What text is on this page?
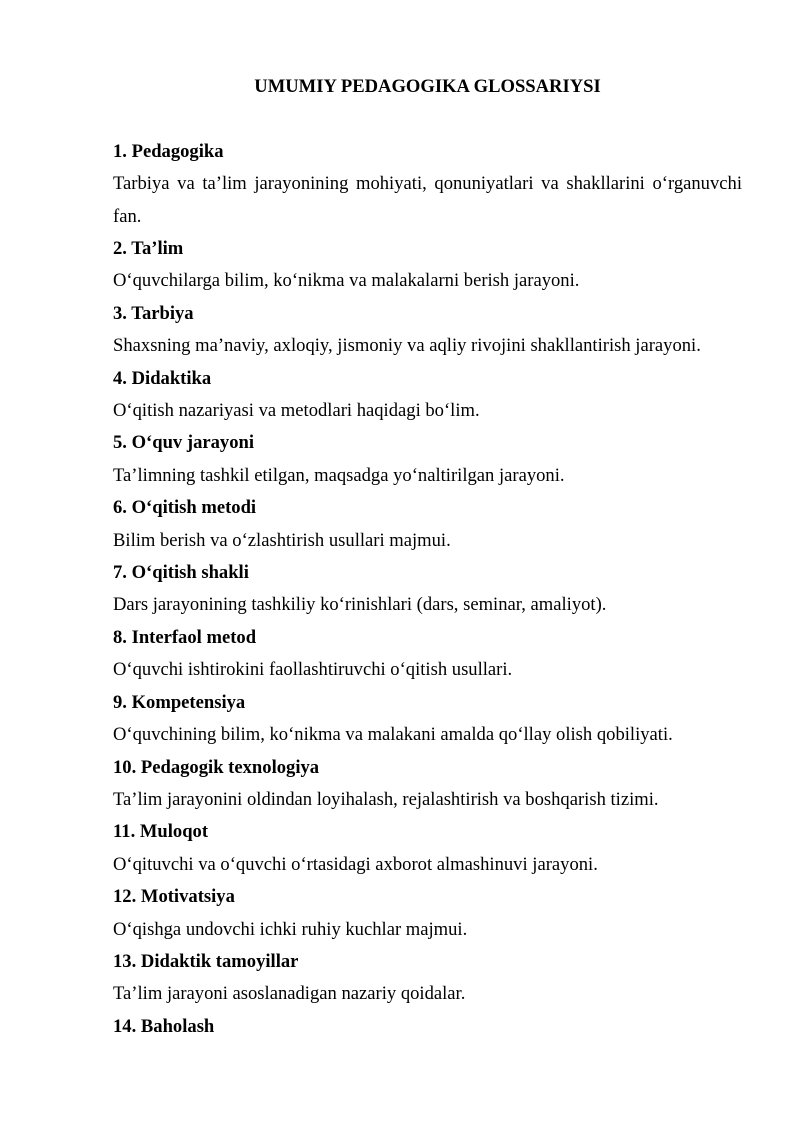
UMUMIY PEDAGOGIKA GLOSSARIYSI

1. Pedagogika

Tarbiya va ta’lim jarayonining mohiyati, qonuniyatlari va shakllarini oʻrganuvchi fan.

2. Ta’lim

Oʻquvchilarga bilim, koʻnikma va malakalarni berish jarayoni.

3. Tarbiya

Shaxsning ma’naviy, axloqiy, jismoniy va aqliy rivojini shakllantirish jarayoni.

4. Didaktika

Oʻqitish nazariyasi va metodlari haqidagi boʻlim.

5. Oʻquv jarayoni

Ta’limning tashkil etilgan, maqsadga yoʻnaltirilgan jarayoni.

6. Oʻqitish metodi

Bilim berish va oʻzlashtirish usullari majmui.

7. Oʻqitish shakli

Dars jarayonining tashkiliy koʻrinishlari (dars, seminar, amaliyot).

8. Interfaol metod

Oʻquvchi ishtirokini faollashtiruvchi oʻqitish usullari.

9. Kompetensiya

Oʻquvchining bilim, koʻnikma va malakani amalda qoʻllay olish qobiliyati.

10. Pedagogik texnologiya

Ta’lim jarayonini oldindan loyihalash, rejalashtirish va boshqarish tizimi.

11. Muloqot

Oʻqituvchi va oʻquvchi oʻrtasidagi axborot almashinuvi jarayoni.

12. Motivatsiya

Oʻqishga undovchi ichki ruhiy kuchlar majmui.

13. Didaktik tamoyillar

Ta’lim jarayoni asoslanadigan nazariy qoidalar.

14. Baholash
